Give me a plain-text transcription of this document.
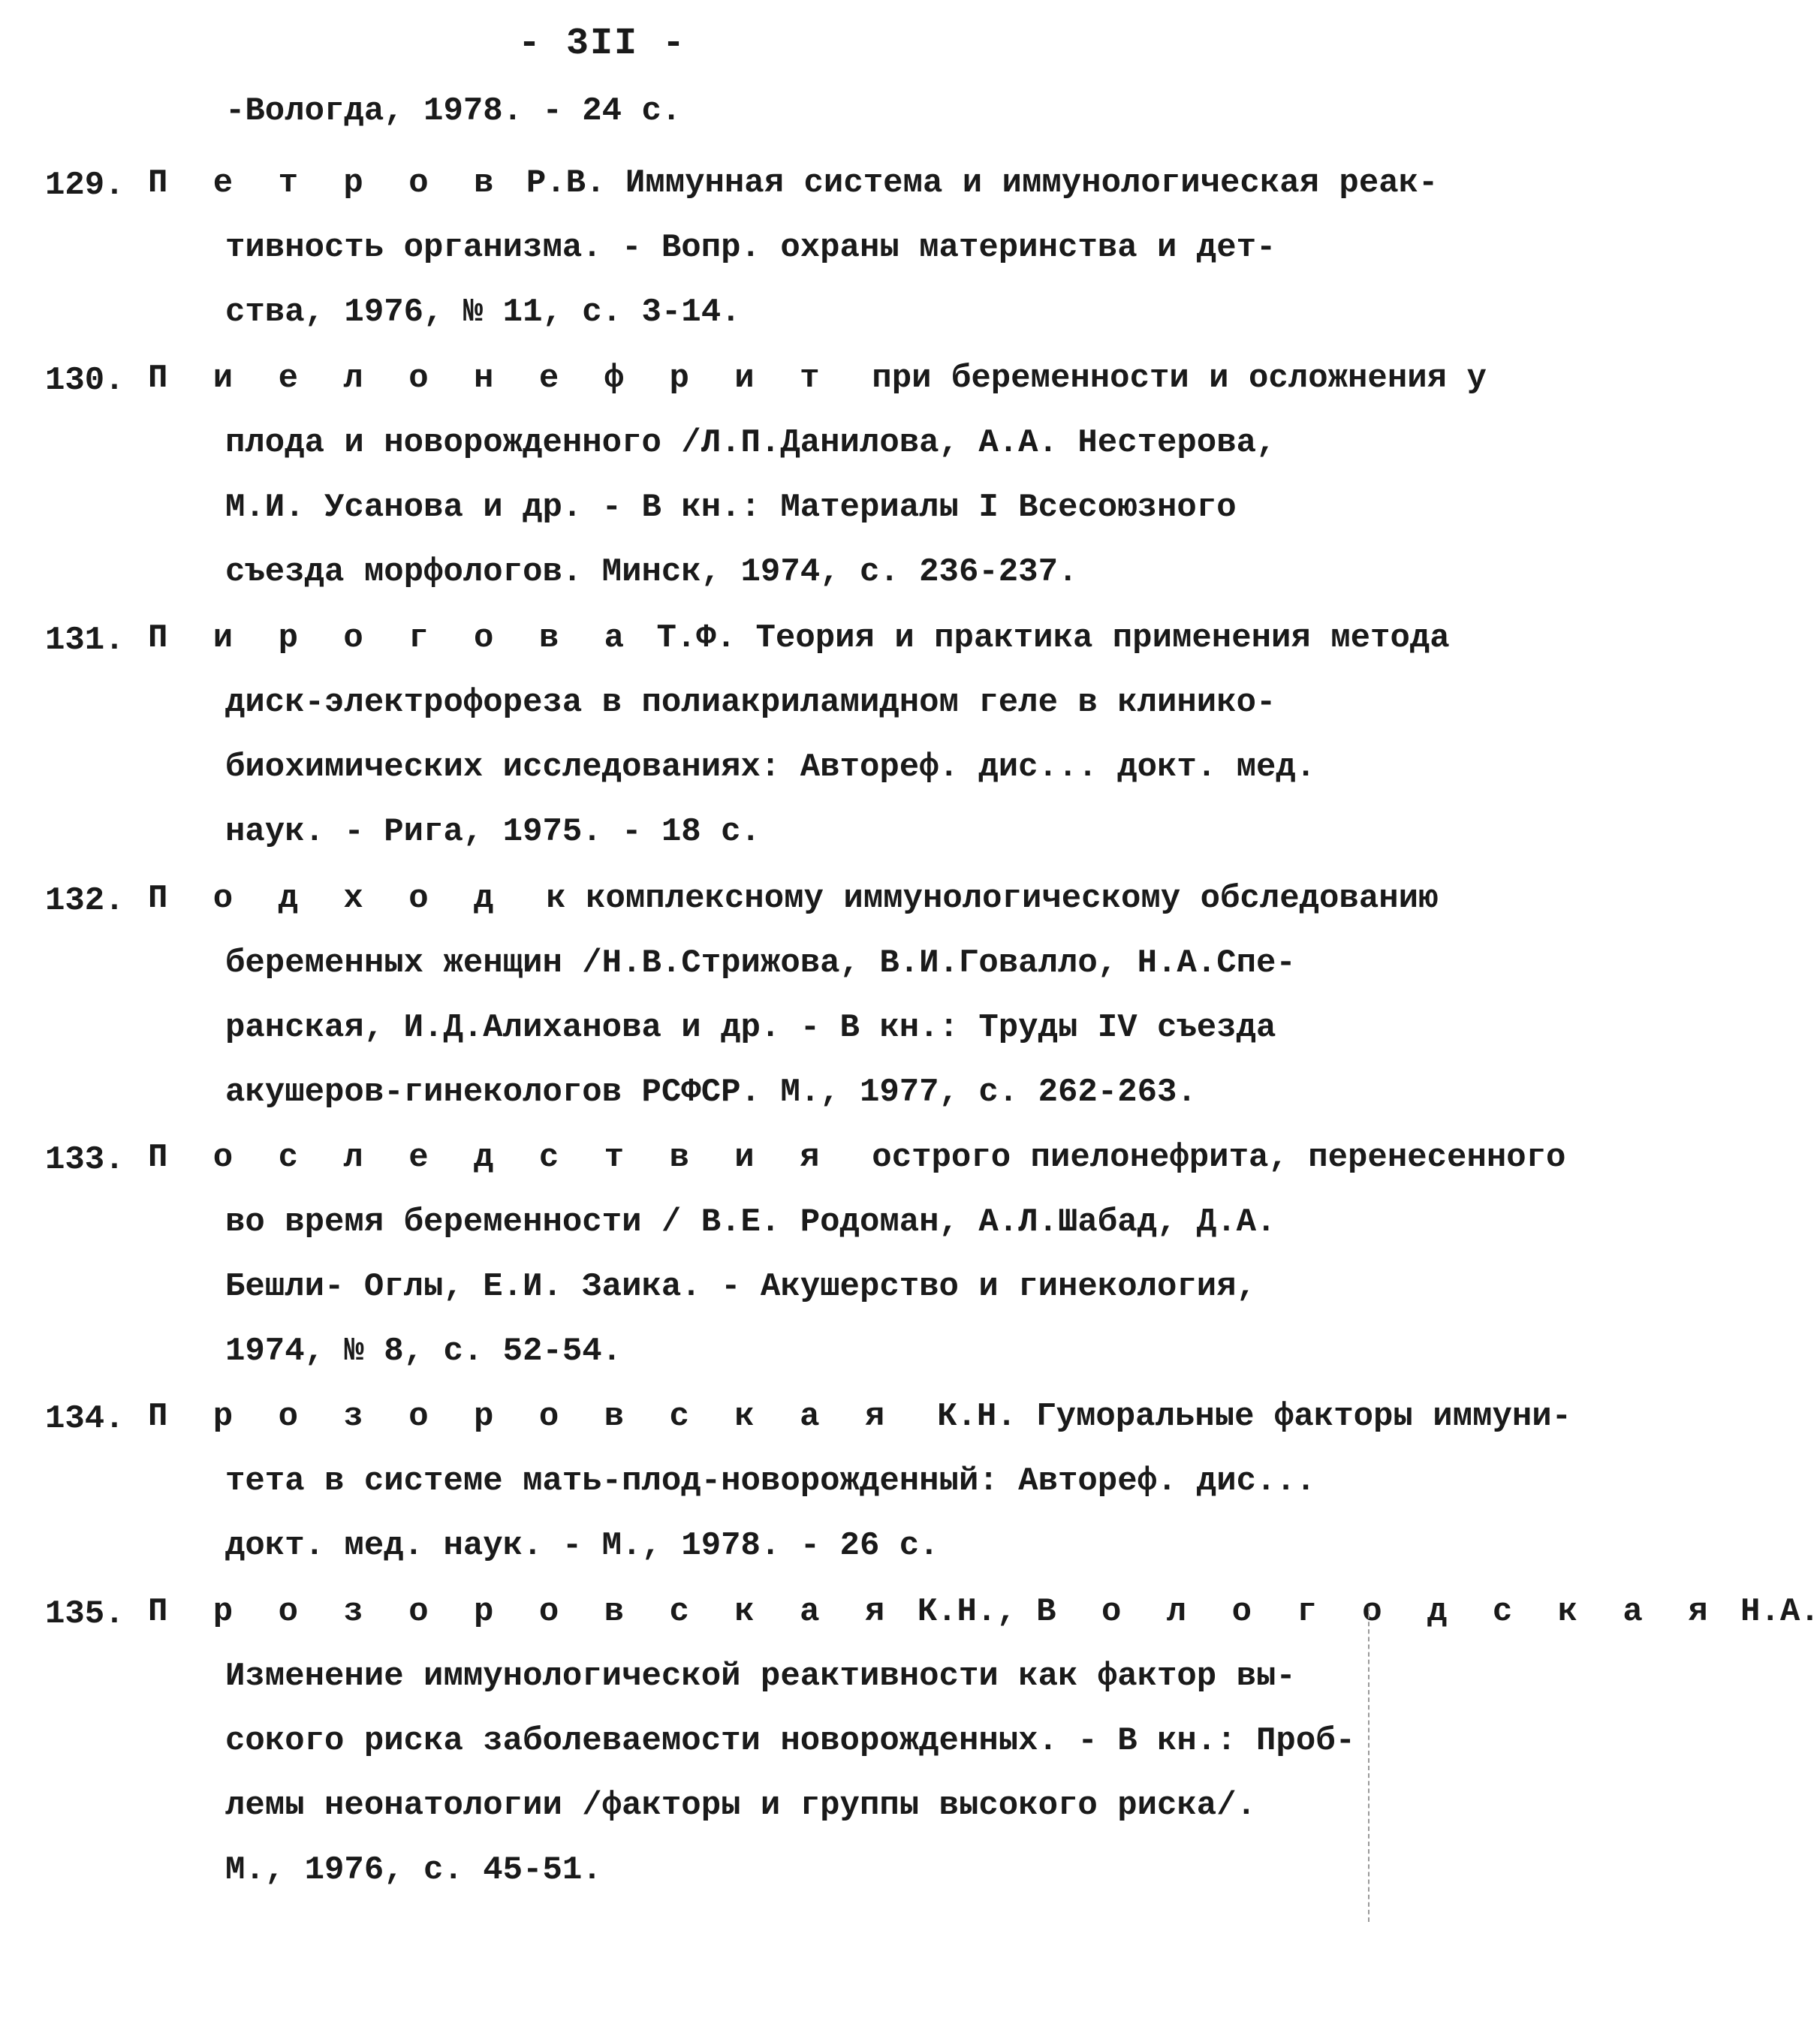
- 3II -
-Вологда, 1978. - 24 с.
129. П е т р о в Р.В. Иммунная система и иммунологическая реак-
тивность организма. - Вопр. охраны материнства и дет-
ства, 1976, № 11, с. 3-14.
130. П и е л о н е ф р и т  при беременности и осложнения у
плода и новорожденного /Л.П.Данилова, А.А. Нестерова,
М.И. Усанова и др. - В кн.: Материалы I Всесоюзного
съезда морфологов. Минск, 1974, с. 236-237.
131. П и р о г о в а Т.Ф. Теория и практика применения метода
диск-электрофореза в полиакриламидном геле в клинико-
биохимических исследованиях: Автореф. дис... докт. мед.
наук. - Рига, 1975. - 18 с.
132. П о д х о д  к комплексному иммунологическому обследованию
беременных женщин /Н.В.Стрижова, В.И.Говалло, Н.А.Спе-
ранская, И.Д.Алиханова и др. - В кн.: Труды IV съезда
акушеров-гинекологов РСФСР. М., 1977, с. 262-263.
133. П о с л е д с т в и я  острого пиелонефрита, перенесенного
во время беременности / В.Е. Родоман, А.Л.Шабад, Д.А.
Бешли- Оглы, Е.И. Заика. - Акушерство и гинекология,
1974, № 8, с. 52-54.
134. П р о з о р о в с к а я  К.Н. Гуморальные факторы иммуни-
тета в системе мать-плод-новорожденный: Автореф. дис...
докт. мед. наук. - М., 1978. - 26 с.
135. П р о з о р о в с к а я К.Н., В о л о г о д с к а я Н.А.
Изменение иммунологической реактивности как фактор вы-
сокого риска заболеваемости новорожденных. - В кн.: Проб-
лемы неонатологии /факторы и группы высокого риска/.
М., 1976, с. 45-51.
